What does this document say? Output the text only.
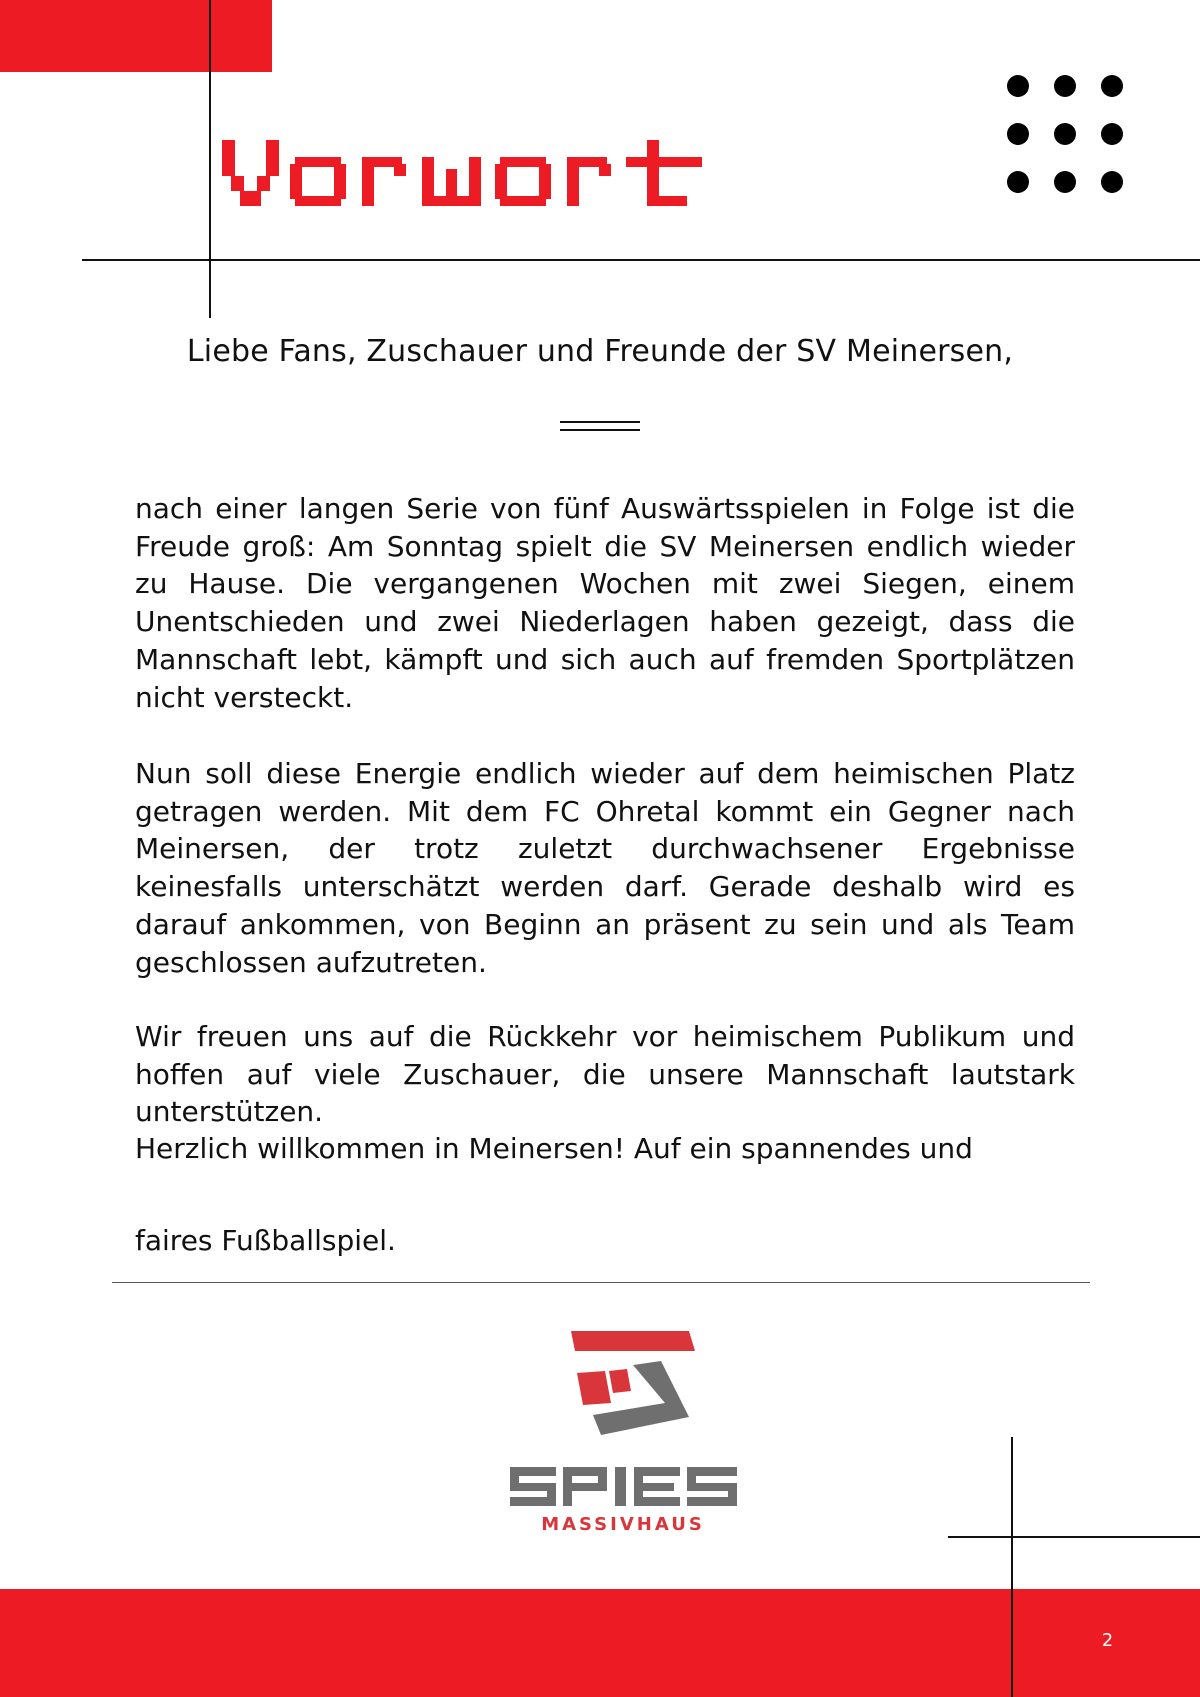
Liebe Fans, Zuschauer und Freunde der SV Meinersen,

nach einer langen Serie von fünf Auswärtsspielen in Folge ist die Freude groß: Am Sonntag spielt die SV Meinersen endlich wieder zu Hause. Die vergangenen Wochen mit zwei Siegen, einem Unentschieden und zwei Niederlagen haben gezeigt, dass die Mannschaft lebt, kämpft und sich auch auf fremden Sportplätzen nicht versteckt.

Nun soll diese Energie endlich wieder auf dem heimischen Platz getragen werden. Mit dem FC Ohretal kommt ein Gegner nach Meinersen, der trotz zuletzt durchwachsener Ergebnisse keinesfalls unterschätzt werden darf. Gerade deshalb wird es darauf ankommen, von Beginn an präsent zu sein und als Team geschlossen aufzutreten.

Wir freuen uns auf die Rückkehr vor heimischem Publikum und hoffen auf viele Zuschauer, die unsere Mannschaft lautstark unterstützen.

Herzlich willkommen in Meinersen! Auf ein spannendes und

faires Fußballspiel.

MASSIVHAUS
2
